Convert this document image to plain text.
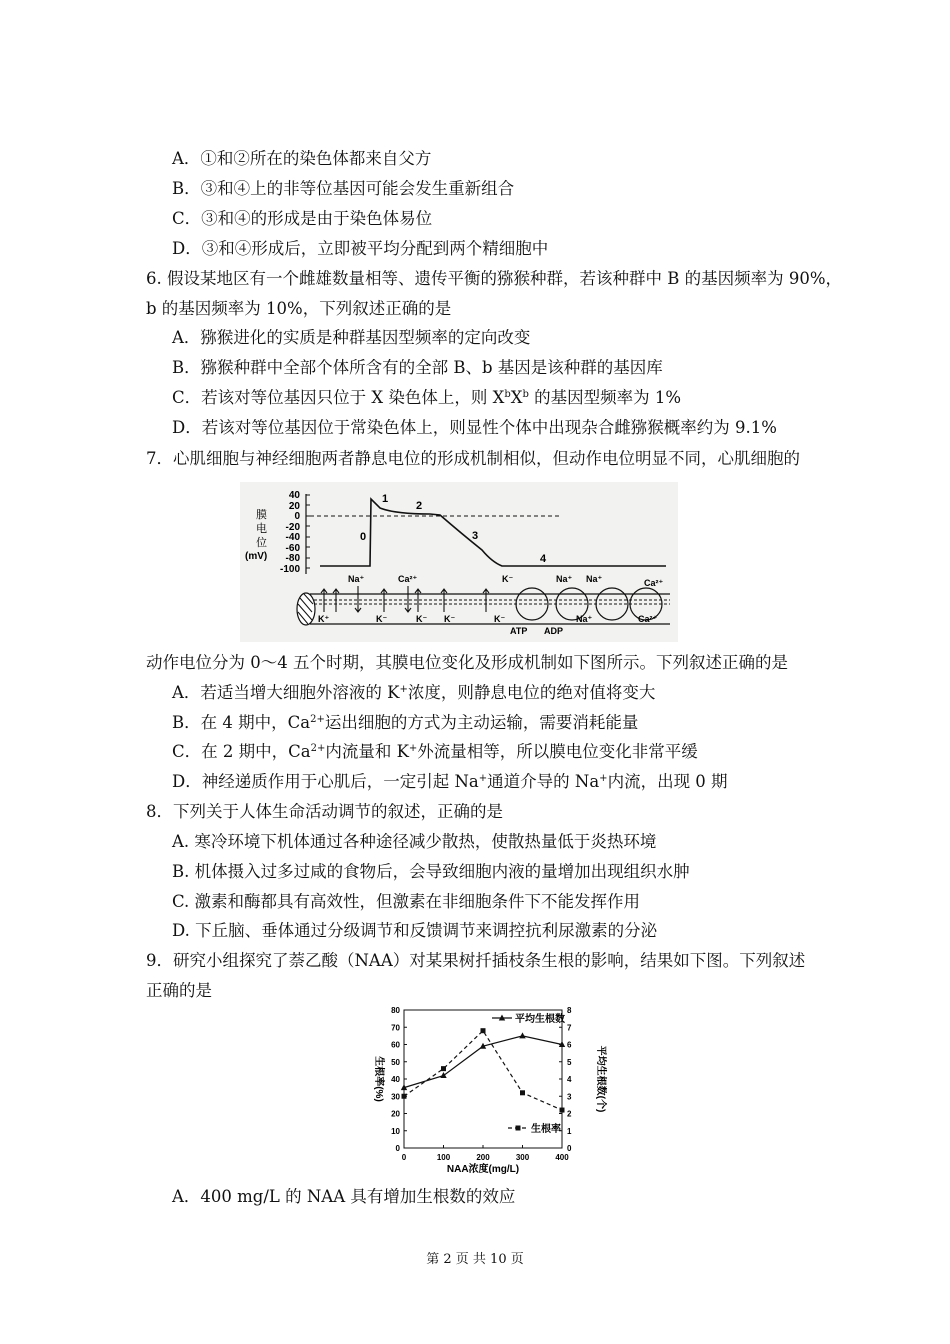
A．①和②所在的染色体都来自父方
B．③和④上的非等位基因可能会发生重新组合
C．③和④的形成是由于染色体易位
D．③和④形成后，立即被平均分配到两个精细胞中
6. 假设某地区有一个雌雄数量相等、遗传平衡的猕猴种群，若该种群中 B 的基因频率为 90%，
b 的基因频率为 10%，下列叙述正确的是
A．猕猴进化的实质是种群基因型频率的定向改变
B．猕猴种群中全部个体所含有的全部 B、b 基因是该种群的基因库
C．若该对等位基因只位于 X 染色体上，则 $X^bX^b$ 的基因型频率为 1%
D．若该对等位基因位于常染色体上，则显性个体中出现杂合雌猕猴概率约为 9.1%
7．心肌细胞与神经细胞两者静息电位的形成机制相似，但动作电位明显不同，心肌细胞的
膜
电
位
(mV)
40
20
0
-20
-40
-60
-80
-100
0
1
2
3
4
K⁺
Na⁺
K⁻
Ca²⁺
K⁻ K⁻
K⁻
K⁻
Na⁺ Na⁺
Na⁺
Ca²⁺
Ca²⁺
ATP ADP
动作电位分为 0～4 五个时期，其膜电位变化及形成机制如下图所示。下列叙述正确的是
A．若适当增大细胞外溶液的 K+浓度，则静息电位的绝对值将变大
B．在 4 期中，$Ca^{2+}$运出细胞的方式为主动运输，需要消耗能量
C．在 2 期中，$Ca^{2+}$内流量和 K+外流量相等，所以膜电位变化非常平缓
D．神经递质作用于心肌后，一定引起 Na+通道介导的 Na+内流，出现 0 期
8．下列关于人体生命活动调节的叙述，正确的是
A. 寒冷环境下机体通过各种途径减少散热，使散热量低于炎热环境
B. 机体摄入过多过咸的食物后，会导致细胞内液的量增加出现组织水肿
C. 激素和酶都具有高效性，但激素在非细胞条件下不能发挥作用
D. 下丘脑、垂体通过分级调节和反馈调节来调控抗利尿激素的分泌
9．研究小组探究了萘乙酸（NAA）对某果树扦插枝条生根的影响，结果如下图。下列叙述
正确的是
0	100	200	300	400
0
10
20
30
40
50
60
70
80
0
1
2
3
4
5
6
7
8
NAA浓度(mg/L)
生根率(%)	平均生根数(个)
平均生根数
生根率
A．400 mg/L 的 NAA 具有增加生根数的效应
第 2 页 共 10 页
